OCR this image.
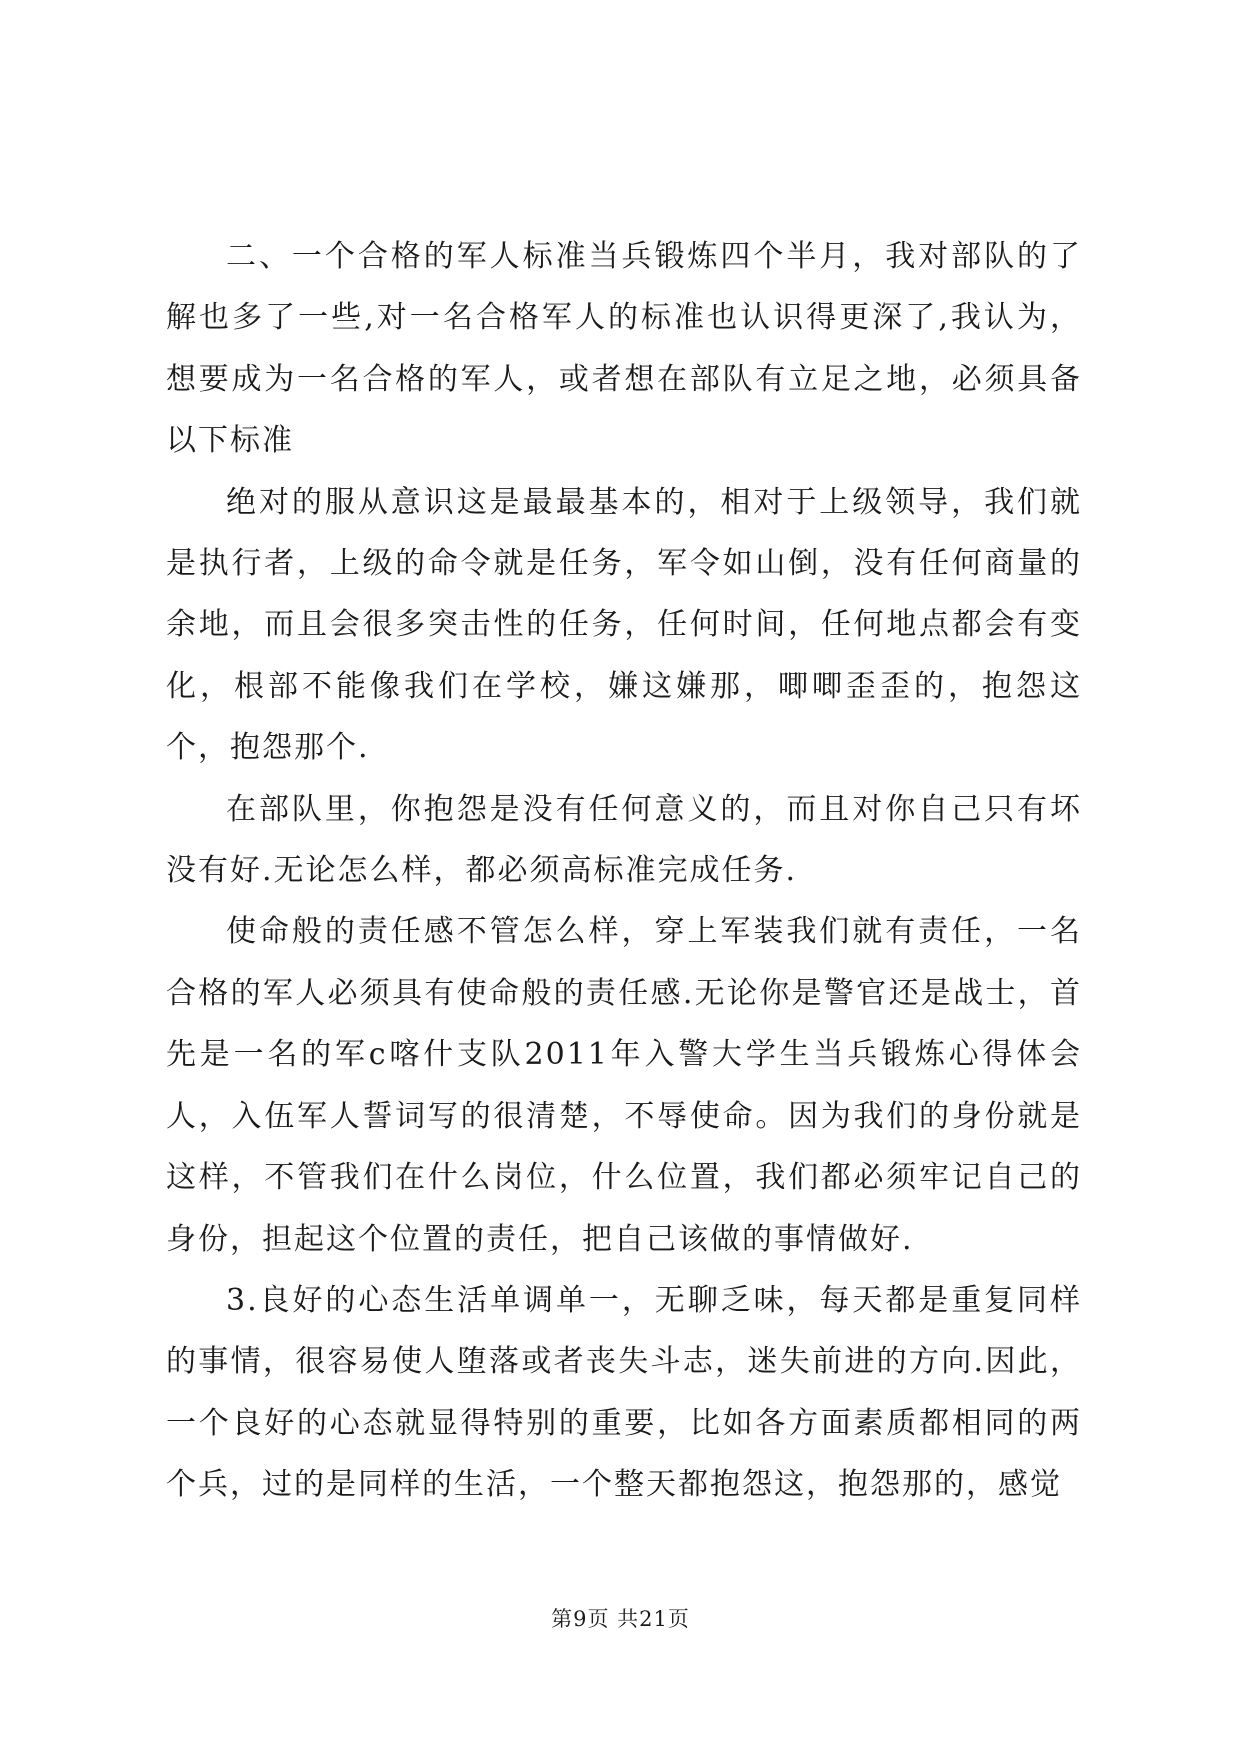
二、一个合格的军人标准当兵锻炼四个半月，我对部队的了解也多了一些,对一名合格军人的标准也认识得更深了,我认为，想要成为一名合格的军人，或者想在部队有立足之地，必须具备以下标准

绝对的服从意识这是最最基本的，相对于上级领导，我们就是执行者，上级的命令就是任务，军令如山倒，没有任何商量的余地，而且会很多突击性的任务，任何时间，任何地点都会有变化，根部不能像我们在学校，嫌这嫌那，唧唧歪歪的，抱怨这个，抱怨那个.

在部队里，你抱怨是没有任何意义的，而且对你自己只有坏没有好.无论怎么样，都必须高标准完成任务.

使命般的责任感不管怎么样，穿上军装我们就有责任，一名合格的军人必须具有使命般的责任感.无论你是警官还是战士，首先是一名的军c喀什支队2011年入警大学生当兵锻炼心得体会人，入伍军人誓词写的很清楚，不辱使命。因为我们的身份就是这样，不管我们在什么岗位，什么位置，我们都必须牢记自己的身份，担起这个位置的责任，把自己该做的事情做好.

3.良好的心态生活单调单一，无聊乏味，每天都是重复同样的事情，很容易使人堕落或者丧失斗志，迷失前进的方向.因此，一个良好的心态就显得特别的重要，比如各方面素质都相同的两个兵，过的是同样的生活，一个整天都抱怨这，抱怨那的，感觉

第9页 共21页
